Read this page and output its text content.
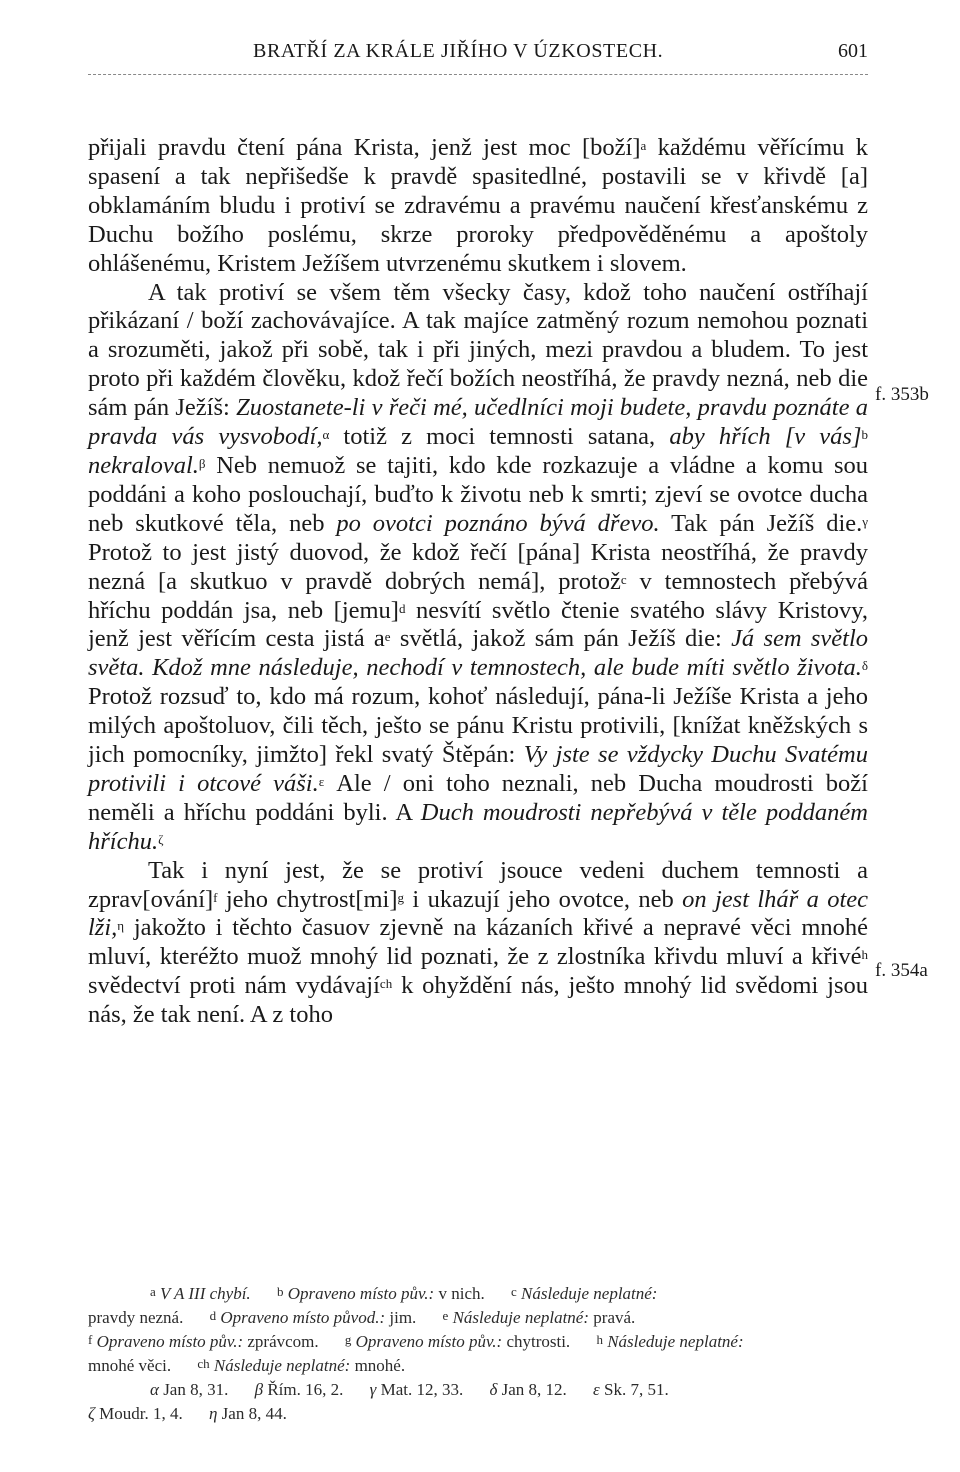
BRATŘÍ ZA KRÁLE JIŘÍHO V ÚZKOSTECH.	601
f. 353b
f. 354a

přijali pravdu čtení pána Krista, jenž jest moc [boží]$^a$ každému věřícímu k spasení a tak nepřišedše k pravdě spasitedlné, postavili se v křivdě [a] obklamáním bludu i protiví se zdravému a pravému naučení křesťanskému z Duchu božího poslému, skrze proroky předpověděnému a apoštoly ohlášenému, Kristem Ježíšem utvrzenému skutkem i slovem.

A tak protiví se všem těm všecky časy, kdož toho naučení ostříhají přikázaní / boží zachovávajíce. A tak majíce zatměný rozum nemohou poznati a srozuměti, jakož při sobě, tak i při jiných, mezi pravdou a bludem. To jest proto při každém člověku, kdož řečí božích neostříhá, že pravdy nezná, neb die sám pán Ježíš: Zuostanete-li v řeči mé, učedlníci moji budete, pravdu poznáte a pravda vás vysvobodí,$^\alpha$ totiž z moci temnosti satana, aby hřích [v vás]$^b$ nekraloval.$^\beta$ Neb nemuož se tajiti, kdo kde rozkazuje a vládne a komu sou poddáni a koho poslouchají, buďto k životu neb k smrti; zjeví se ovotce ducha neb skutkové těla, neb po ovotci poznáno bývá dřevo. Tak pán Ježíš die.$^\gamma$ Protož to jest jistý duovod, že kdož řečí [pána] Krista neostříhá, že pravdy nezná [a skutkuo v pravdě dobrých nemá], protož$^c$ v temnostech přebývá hříchu poddán jsa, neb [jemu]$^d$ nesvítí světlo čtenie svatého slávy Kristovy, jenž jest věřícím cesta jistá $a^e$ světlá, jakož sám pán Ježíš die: Já sem světlo světa. Kdož mne následuje, nechodí v temnostech, ale bude míti světlo života.$^\delta$ Protož rozsuď to, kdo má rozum, kohoť následují, pána-li Ježíše Krista a jeho milých apoštoluov, čili těch, ješto se pánu Kristu protivili, [knížat kněžských s jich pomocníky, jimžto] řekl svatý Štěpán: Vy jste se vždycky Duchu Svatému protivili i otcové váši.$^\varepsilon$ Ale / oni toho neznali, neb Ducha moudrosti boží neměli a hříchu poddáni byli. A Duch moudrosti nepřebývá v těle poddaném hříchu.$^\zeta$

Tak i nyní jest, že se protiví jsouce vedeni duchem temnosti a zprav[ování]$^f$ jeho chytrost[mi]$^g$ i ukazují jeho ovotce, neb on jest lhář a otec lži,$^\eta$ jakožto i těchto časuov zjevně na kázaních křivé a nepravé věci mnohé mluví, kteréžto muož mnohý lid poznati, že z zlostníka křivdu mluví a křivé$^h$ svědectví proti nám vydávají$^{ch}$ k ohyždění nás, ješto mnohý lid svědomi jsou nás, že tak není. A z toho

$^a$ V A III chybí. $^b$ Opraveno místo pův.: v nich. $^c$ Následuje neplatné:
pravdy nezná. $^d$ Opraveno místo původ.: jim. $^e$ Následuje neplatné: pravá.
$^f$ Opraveno místo pův.: zprávcom. $^g$ Opraveno místo pův.: chytrosti. $^h$ Následuje neplatné:
mnohé věci. $^{ch}$ Následuje neplatné: mnohé.
α Jan 8, 31. β Řím. 16, 2. γ Mat. 12, 33. δ Jan 8, 12. ε Sk. 7, 51.
ζ Moudr. 1, 4. η Jan 8, 44.
